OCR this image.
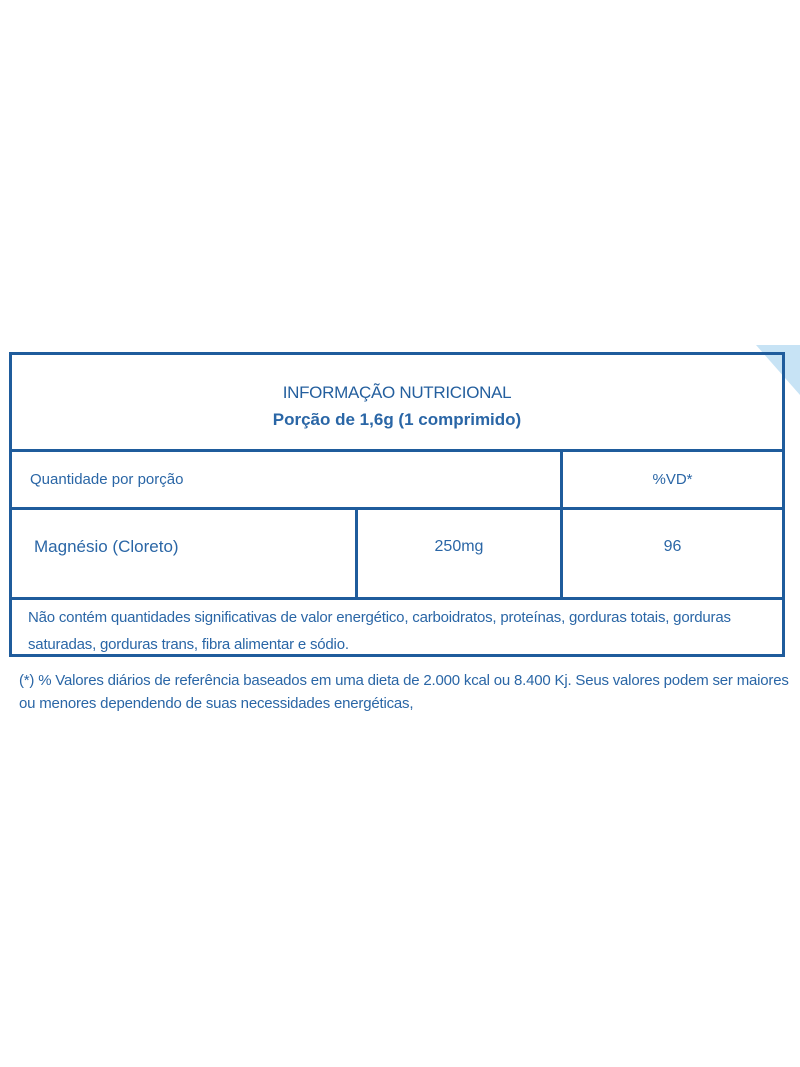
INFORMAÇÃO NUTRICIONAL
Porção de 1,6g (1 comprimido)
Quantidade por porção	%VD*
Magnésio (Cloreto)	250mg	96
Não contém quantidades significativas de valor energético, carboidratos, proteínas, gorduras totais, gorduras saturadas, gorduras trans, fibra alimentar e sódio.
(*) % Valores diários de referência baseados em uma dieta de 2.000 kcal ou 8.400 Kj. Seus valores podem ser maiores ou menores dependendo de suas necessidades energéticas,
